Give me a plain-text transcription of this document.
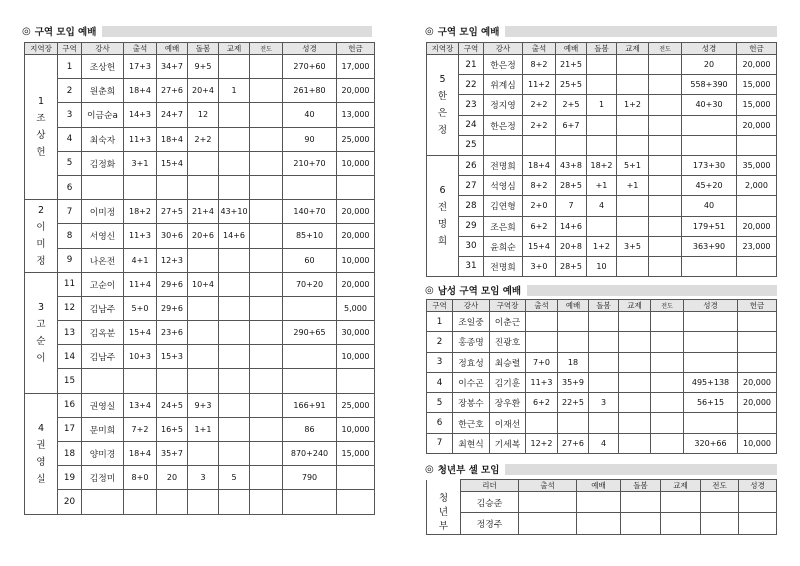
◎ 구역 모입 예배
지역장	구역	강사	출석	예배	돌봄	교제	전도	성경	헌금
1
조
상
헌	1	조상헌	17+3	34+7	9+5			270+60	17,000
	2	원춘희	18+4	27+6	20+4	1		261+80	20,000
	3	이금순a	14+3	24+7	12			40	13,000
	4	최숙자	11+3	18+4	2+2			90	25,000
	5	김정화	3+1	15+4				210+70	10,000
	6								
2
이
미
정	7	이미정	18+2	27+5	21+4	43+10		140+70	20,000
	8	서영신	11+3	30+6	20+6	14+6		85+10	20,000
	9	나온전	4+1	12+3				60	10,000
3
고
순
이	11	고순이	11+4	29+6	10+4			70+20	20,000
	12	김남주	5+0	29+6					5,000
	13	김옥분	15+4	23+6				290+65	30,000
	14	김남주	10+3	15+3					10,000
	15								
4
권
영
실	16	권영실	13+4	24+5	9+3			166+91	25,000
	17	문미희	7+2	16+5	1+1			86	10,000
	18	양미경	18+4	35+7				870+240	15,000
	19	김정미	8+0	20	3	5		790	
	20								
◎ 구역 모임 예배
지역장	구역	강사	출석	예배	돌봄	교제	전도	성경	헌금
5
한
은
정	21	한은정	8+2	21+5				20	20,000
	22	위계심	11+2	25+5				558+390	15,000
	23	정지영	2+2	2+5	1	1+2		40+30	15,000
	24	한은정	2+2	6+7					20,000
	25								
6
전
명
희	26	전명희	18+4	43+8	18+2	5+1		173+30	35,000
	27	석영심	8+2	28+5	+1	+1		45+20	2,000
	28	김연형	2+0	7	4			40	
	29	조은희	6+2	14+6				179+51	20,000
	30	윤희순	15+4	20+8	1+2	3+5		363+90	23,000
	31	전명희	3+0	28+5	10				
◎ 남성 구역 모임 예배
구역	강사	구역장	출석	예배	돌봄	교제	전도	성경	헌금
1	조일중	이춘근							
2	홍종명	진광호							
3	정효성	최승렬	7+0	18					
4	이수곤	김기훈	11+3	35+9				495+138	20,000
5	장봉수	장우환	6+2	22+5	3			56+15	20,000
6	한근호	이재선							
7	최현식	기세복	12+2	27+6	4			320+66	10,000
◎ 청년부 셀 모임
	리더	출석	예배	돌봄	교제	전도	성경
청
년
부	김승준						
	정경주						
